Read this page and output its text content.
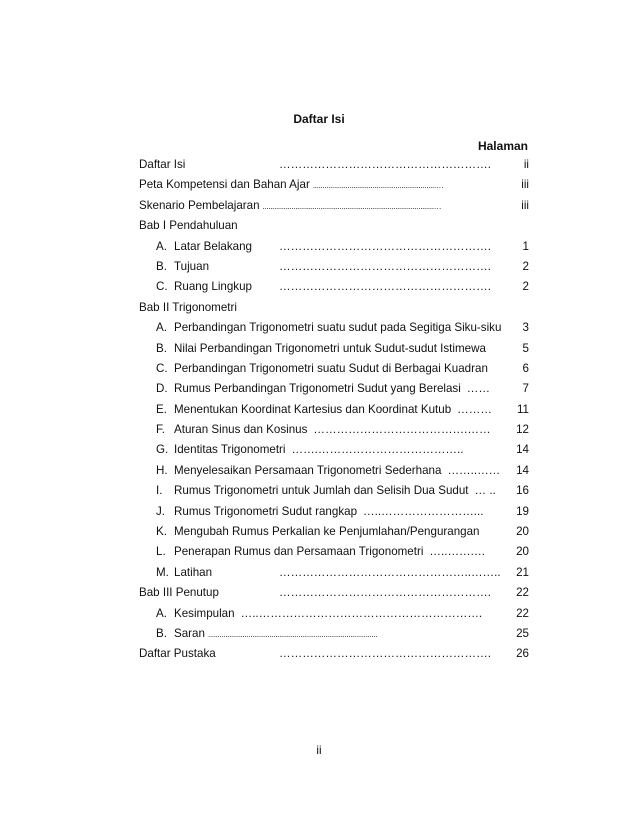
Daftar Isi
Halaman
Daftar Isi	……………………………………………….	ii
Peta Kompetensi dan Bahan Ajar ................................................................…	iii
Skenario Pembelajaran .........................................................................................…	iii
Bab I Pendahuluan
A. Latar Belakang ……………………………………………….	1
B. Tujuan	……………………………………………….	2
C. Ruang Lingkup ……………………………………………….	2
Bab II Trigonometri
A. Perbandingan Trigonometri suatu sudut pada Segitiga Siku-siku 3
B. Nilai Perbandingan Trigonometri untuk Sudut-sudut Istimewa	5
C. Perbandingan Trigonometri suatu Sudut di Berbagai Kuadran	6
D. Rumus Perbandingan Trigonometri Sudut yang Berelasi ……	7
E. Menentukan Koordinat Kartesius dan Koordinat Kutub ……… 11
F. Aturan Sinus dan Kosinus ………………………………….…… 12
G. Identitas Trigonometri …….………………………………..	14
H. Menyelesaikan Persamaan Trigonometri Sederhana ……..…… 14
I. Rumus Trigonometri untuk Jumlah dan Selisih Dua Sudut … .. 16
J. Rumus Trigonometri Sudut rangkap …..……………………...	19
K. Mengubah Rumus Perkalian ke Penjumlahan/Pengurangan	20
L. Penerapan Rumus dan Persamaan Trigonometri …..…….…	20
M. Latihan	…………………………………………..……..	21
Bab III Penutup	……………………………………………….	22
A. Kesimpulan …..………………………………………………….	22
B. Saran ........................................................................................	25
Daftar Pustaka	……………………………………………….	26
ii
